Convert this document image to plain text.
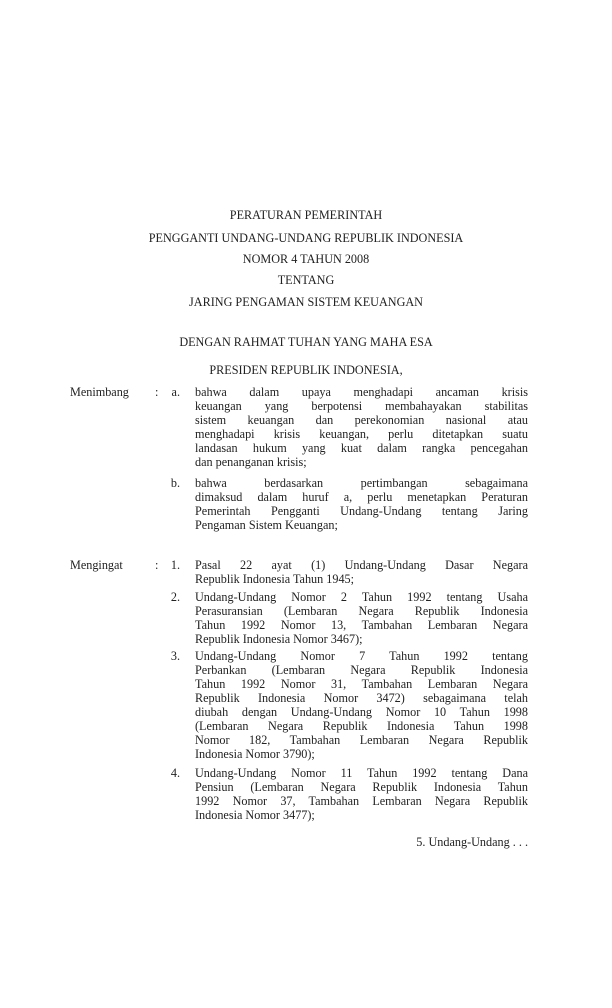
PERATURAN PEMERINTAH
PENGGANTI UNDANG-UNDANG REPUBLIK INDONESIA
NOMOR 4 TAHUN 2008
TENTANG
JARING PENGAMAN SISTEM KEUANGAN
DENGAN RAHMAT TUHAN YANG MAHA ESA
PRESIDEN REPUBLIK INDONESIA,
Menimbang :	a. bahwa dalam upaya menghadapi ancaman krisis
keuangan yang berpotensi membahayakan stabilitas
sistem keuangan dan perekonomian nasional atau
menghadapi krisis keuangan, perlu ditetapkan suatu
landasan hukum yang kuat dalam rangka pencegahan
dan penanganan krisis;
b. bahwa berdasarkan pertimbangan sebagaimana
dimaksud dalam huruf a, perlu menetapkan Peraturan
Pemerintah Pengganti Undang-Undang tentang Jaring
Pengaman Sistem Keuangan;
Mengingat	:	1. Pasal 22 ayat (1) Undang-Undang Dasar Negara
Republik Indonesia Tahun 1945;
2. Undang-Undang Nomor 2 Tahun 1992 tentang Usaha
Perasuransian (Lembaran Negara Republik Indonesia
Tahun 1992 Nomor 13, Tambahan Lembaran Negara
Republik Indonesia Nomor 3467);
3. Undang-Undang Nomor 7 Tahun 1992 tentang
Perbankan (Lembaran Negara Republik Indonesia
Tahun 1992 Nomor 31, Tambahan Lembaran Negara
Republik Indonesia Nomor 3472) sebagaimana telah
diubah dengan Undang-Undang Nomor 10 Tahun 1998
(Lembaran Negara Republik Indonesia Tahun 1998
Nomor 182, Tambahan Lembaran Negara Republik
Indonesia Nomor 3790);
4. Undang-Undang Nomor 11 Tahun 1992 tentang Dana
Pensiun (Lembaran Negara Republik Indonesia Tahun
1992 Nomor 37, Tambahan Lembaran Negara Republik
Indonesia Nomor 3477);
5. Undang-Undang . . .
